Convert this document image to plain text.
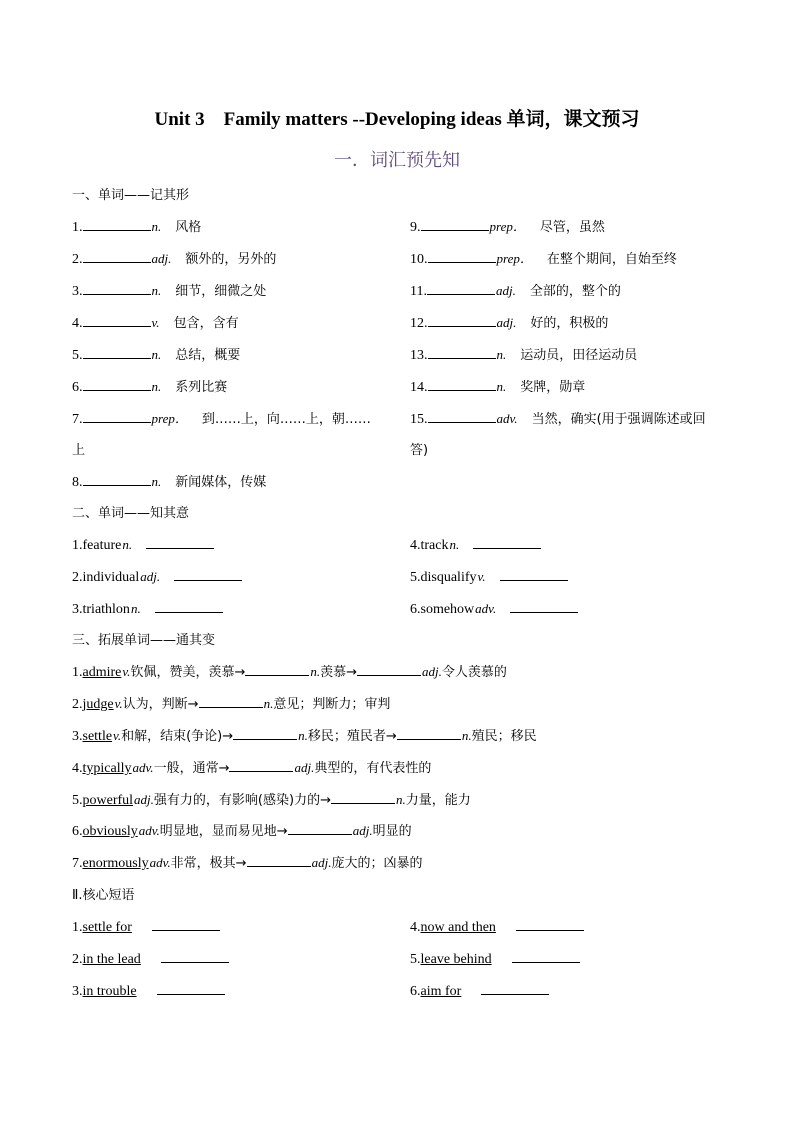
Unit 3　Family matters --Developing ideas 单词，课文预习
一．词汇预先知
一、单词——记其形
1.	n. 风格
2.	adj. 额外的，另外的
3.	n. 细节，细微之处
4.	v. 包含，含有
5.	n. 总结，概要
6.	n. 系列比赛
7.	prep． 到……上，向……上，朝……
上
8.	n. 新闻媒体，传媒
9.	prep． 尽管，虽然
10.	prep． 在整个期间，自始至终
11.	adj. 全部的，整个的
12.	adj. 好的，积极的
13.	n. 运动员，田径运动员
14.	n. 奖牌，勋章
15.	adv. 当然，确实(用于强调陈述或回
答)
二、单词——知其意
1.featuren.	4.trackn.
2.individualadj.	5.disqualifyv.
3.triathlonn.	6.somehowadv.
三、拓展单词——通其变
1.admirev.钦佩，赞美，羡慕→	n.羡慕→	adj.令人羡慕的
2.judgev.认为，判断→	n.意见；判断力；审判
3.settlev.和解，结束(争论)→	n.移民；殖民者→	n.殖民；移民
4.typicallyadv.一般，通常→	adj.典型的，有代表性的
5.powerfuladj.强有力的，有影响(感染)力的→	n.力量，能力
6.obviouslyadv.明显地，显而易见地→	adj.明显的
7.enormouslyadv.非常，极其→	adj.庞大的；凶暴的
Ⅱ.核心短语
1.settle for	4.now and then
2.in the lead	5.leave behind
3.in trouble	6.aim for
